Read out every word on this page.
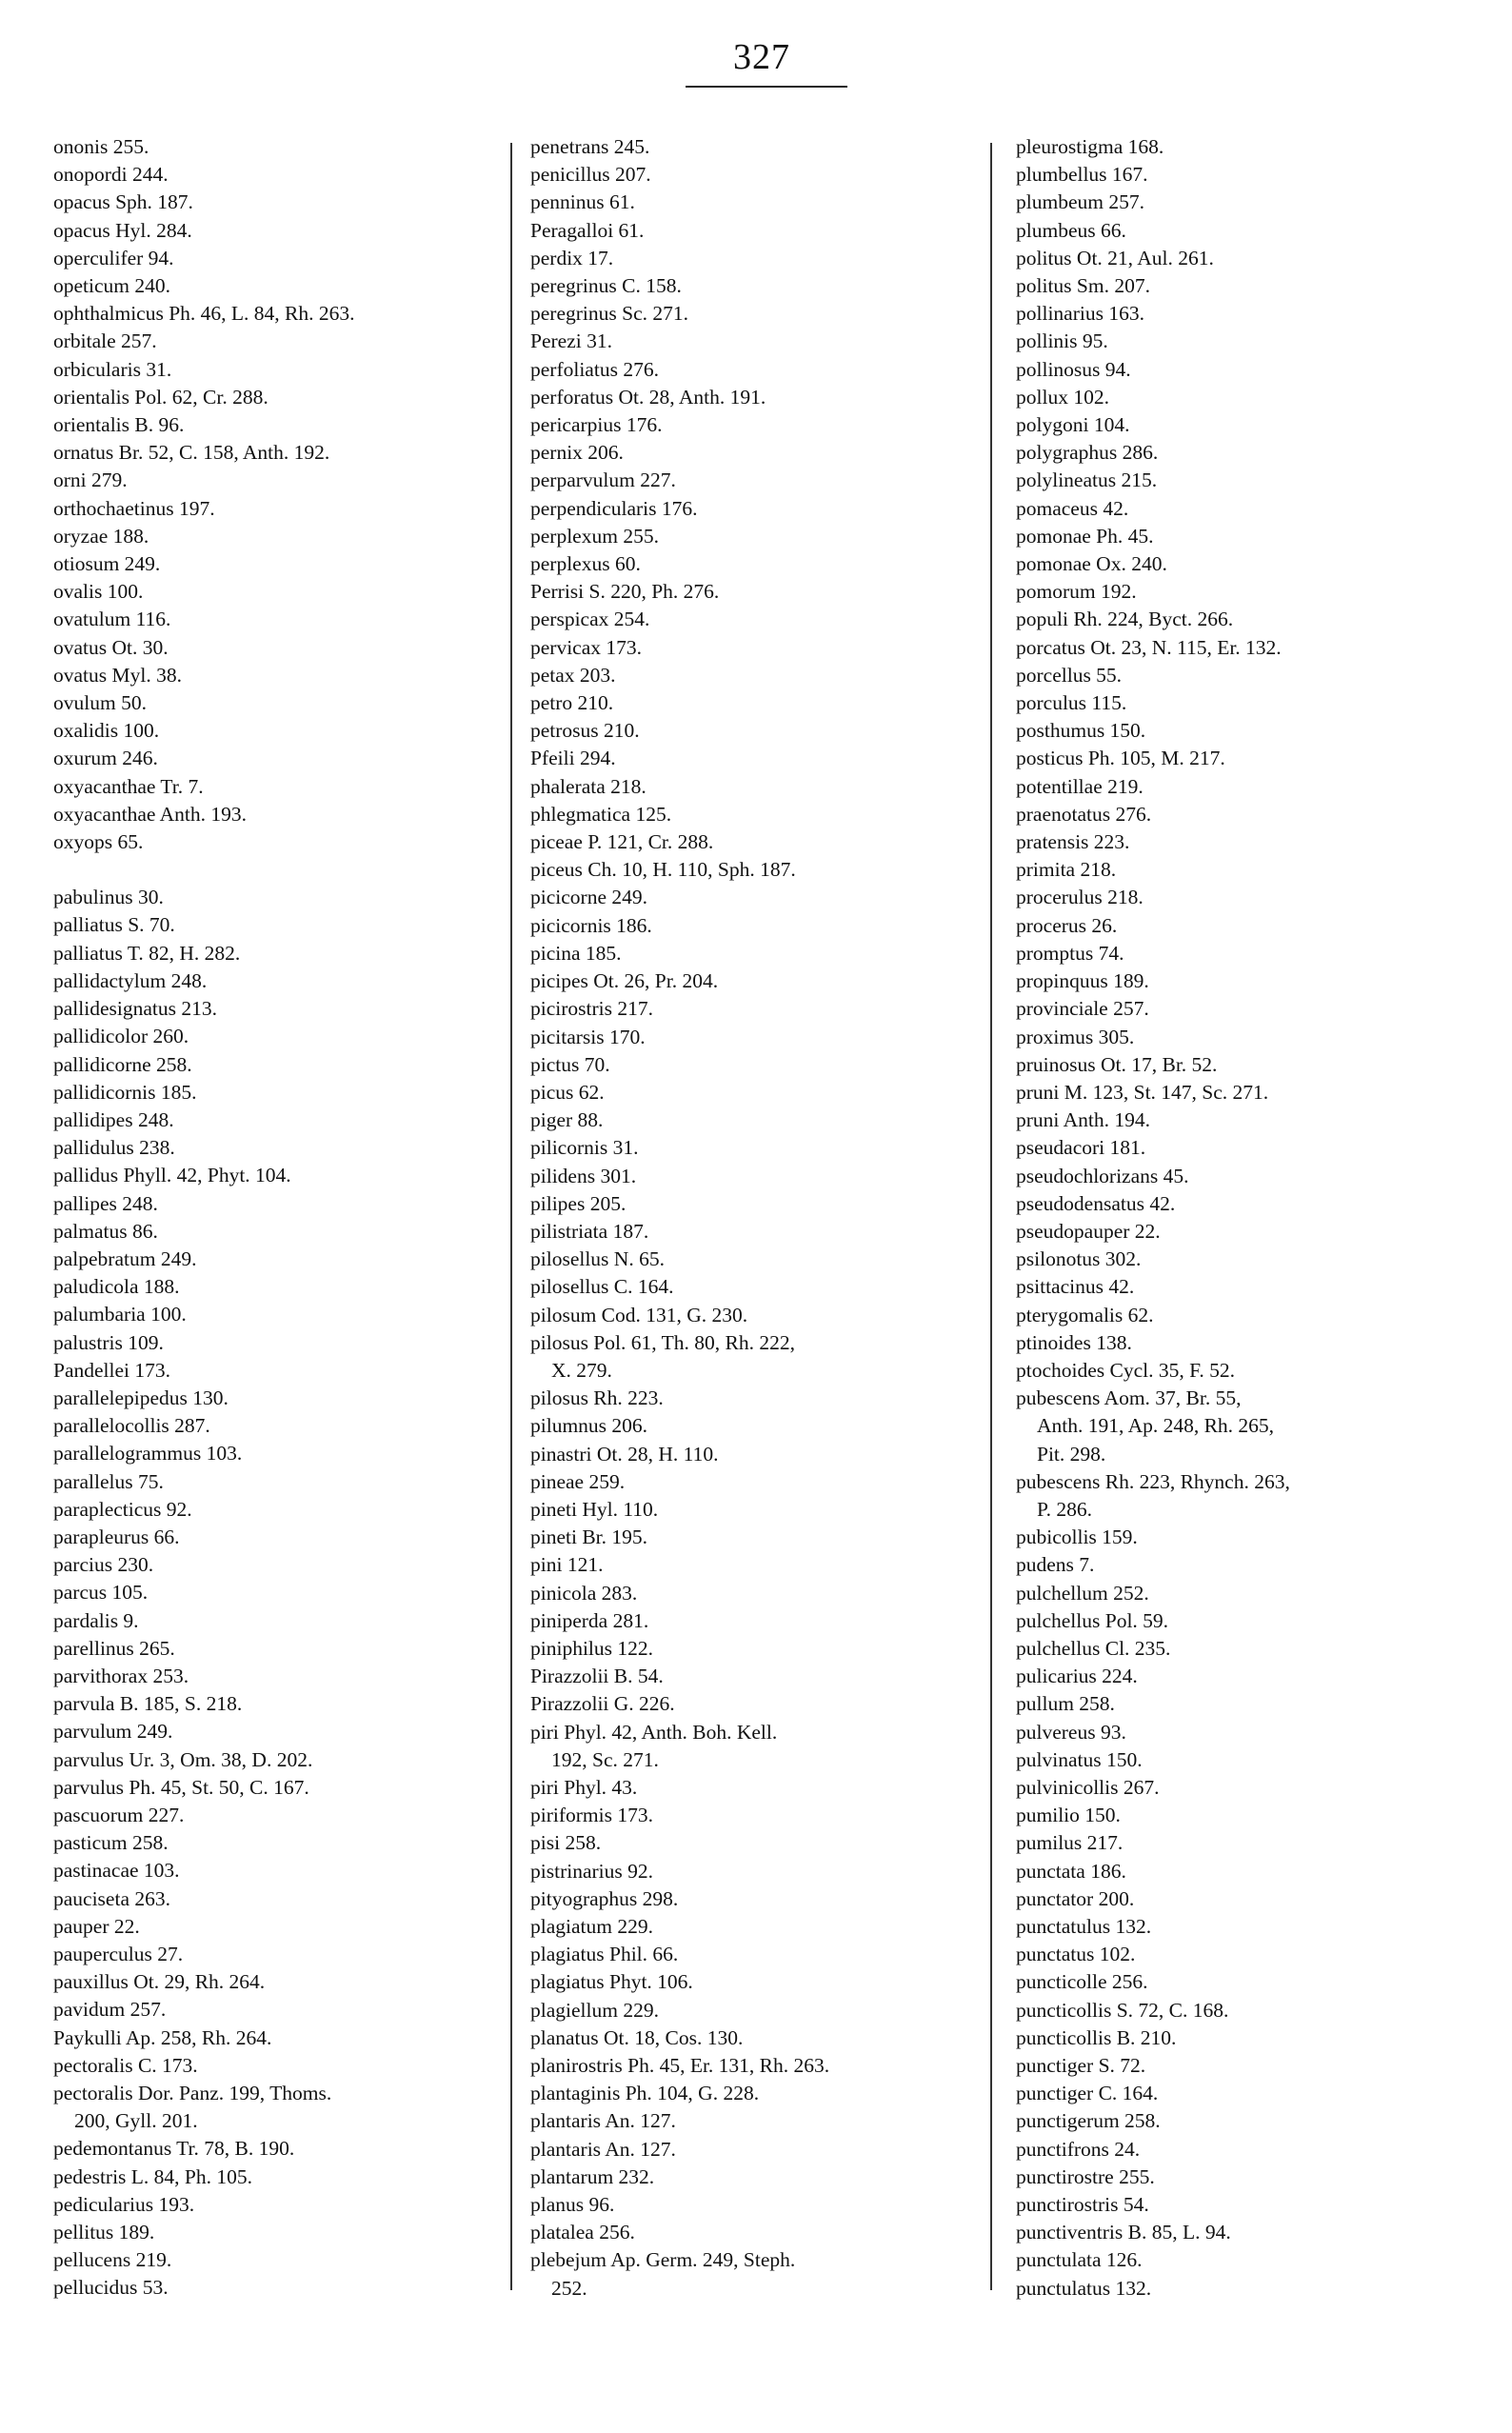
327
ononis 255.
onopordi 244.
opacus Sph. 187.
opacus Hyl. 284.
operculifer 94.
opeticum 240.
ophthalmicus Ph. 46, L. 84, Rh. 263.
orbitale 257.
orbicularis 31.
orientalis Pol. 62, Cr. 288.
orientalis B. 96.
ornatus Br. 52, C. 158, Anth. 192.
orni 279.
orthochaetinus 197.
oryzae 188.
otiosum 249.
ovalis 100.
ovatulum 116.
ovatus Ot. 30.
ovatus Myl. 38.
ovulum 50.
oxalidis 100.
oxurum 246.
oxyacanthae Tr. 7.
oxyacanthae Anth. 193.
oxyops 65.
pabulinus 30.
palliatus S. 70.
palliatus T. 82, H. 282.
pallidactylum 248.
pallidesignatus 213.
pallidicolor 260.
pallidicorne 258.
pallidicornis 185.
pallidipes 248.
pallidulus 238.
pallidus Phyll. 42, Phyt. 104.
pallipes 248.
palmatus 86.
palpebratum 249.
paludicola 188.
palumbaria 100.
palustris 109.
Pandellei 173.
parallelepipedus 130.
parallelocollis 287.
parallelogrammus 103.
parallelus 75.
paraplecticus 92.
parapleurus 66.
parcius 230.
parcus 105.
pardalis 9.
parellinus 265.
parvithorax 253.
parvula B. 185, S. 218.
parvulum 249.
parvulus Ur. 3, Om. 38, D. 202.
parvulus Ph. 45, St. 50, C. 167.
pascuorum 227.
pasticum 258.
pastinacae 103.
pauciseta 263.
pauper 22.
pauperculus 27.
pauxillus Ot. 29, Rh. 264.
pavidum 257.
Paykulli Ap. 258, Rh. 264.
pectoralis C. 173.
pectoralis Dor. Panz. 199, Thoms.
200, Gyll. 201.
pedemontanus Tr. 78, B. 190.
pedestris L. 84, Ph. 105.
pedicularius 193.
pellitus 189.
pellucens 219.
pellucidus 53.
penetrans 245.
penicillus 207.
penninus 61.
Peragalloi 61.
perdix 17.
peregrinus C. 158.
peregrinus Sc. 271.
Perezi 31.
perfoliatus 276.
perforatus Ot. 28, Anth. 191.
pericarpius 176.
pernix 206.
perparvulum 227.
perpendicularis 176.
perplexum 255.
perplexus 60.
Perrisi S. 220, Ph. 276.
perspicax 254.
pervicax 173.
petax 203.
petro 210.
petrosus 210.
Pfeili 294.
phalerata 218.
phlegmatica 125.
piceae P. 121, Cr. 288.
piceus Ch. 10, H. 110, Sph. 187.
picicorne 249.
picicornis 186.
picina 185.
picipes Ot. 26, Pr. 204.
picirostris 217.
picitarsis 170.
pictus 70.
picus 62.
piger 88.
pilicornis 31.
pilidens 301.
pilipes 205.
pilistriata 187.
pilosellus N. 65.
pilosellus C. 164.
pilosum Cod. 131, G. 230.
pilosus Pol. 61, Th. 80, Rh. 222,
X. 279.
pilosus Rh. 223.
pilumnus 206.
pinastri Ot. 28, H. 110.
pineae 259.
pineti Hyl. 110.
pineti Br. 195.
pini 121.
pinicola 283.
piniperda 281.
piniphilus 122.
Pirazzolii B. 54.
Pirazzolii G. 226.
piri Phyl. 42, Anth. Boh. Kell.
192, Sc. 271.
piri Phyl. 43.
piriformis 173.
pisi 258.
pistrinarius 92.
pityographus 298.
plagiatum 229.
plagiatus Phil. 66.
plagiatus Phyt. 106.
plagiellum 229.
planatus Ot. 18, Cos. 130.
planirostris Ph. 45, Er. 131, Rh. 263.
plantaginis Ph. 104, G. 228.
plantaris An. 127.
plantaris An. 127.
plantarum 232.
planus 96.
platalea 256.
plebejum Ap. Germ. 249, Steph.
252.
pleurostigma 168.
plumbellus 167.
plumbeum 257.
plumbeus 66.
politus Ot. 21, Aul. 261.
politus Sm. 207.
pollinarius 163.
pollinis 95.
pollinosus 94.
pollux 102.
polygoni 104.
polygraphus 286.
polylineatus 215.
pomaceus 42.
pomonae Ph. 45.
pomonae Ox. 240.
pomorum 192.
populi Rh. 224, Byct. 266.
porcatus Ot. 23, N. 115, Er. 132.
porcellus 55.
porculus 115.
posthumus 150.
posticus Ph. 105, M. 217.
potentillae 219.
praenotatus 276.
pratensis 223.
primita 218.
procerulus 218.
procerus 26.
promptus 74.
propinquus 189.
provinciale 257.
proximus 305.
pruinosus Ot. 17, Br. 52.
pruni M. 123, St. 147, Sc. 271.
pruni Anth. 194.
pseudacori 181.
pseudochlorizans 45.
pseudodensatus 42.
pseudopauper 22.
psilonotus 302.
psittacinus 42.
pterygomalis 62.
ptinoides 138.
ptochoides Cycl. 35, F. 52.
pubescens Aom. 37, Br. 55,
Anth. 191, Ap. 248, Rh. 265,
Pit. 298.
pubescens Rh. 223, Rhynch. 263,
P. 286.
pubicollis 159.
pudens 7.
pulchellum 252.
pulchellus Pol. 59.
pulchellus Cl. 235.
pulicarius 224.
pullum 258.
pulvereus 93.
pulvinatus 150.
pulvinicollis 267.
pumilio 150.
pumilus 217.
punctata 186.
punctator 200.
punctatulus 132.
punctatus 102.
puncticolle 256.
puncticollis S. 72, C. 168.
puncticollis B. 210.
punctiger S. 72.
punctiger C. 164.
punctigerum 258.
punctifrons 24.
punctirostre 255.
punctirostris 54.
punctiventris B. 85, L. 94.
punctulata 126.
punctulatus 132.
